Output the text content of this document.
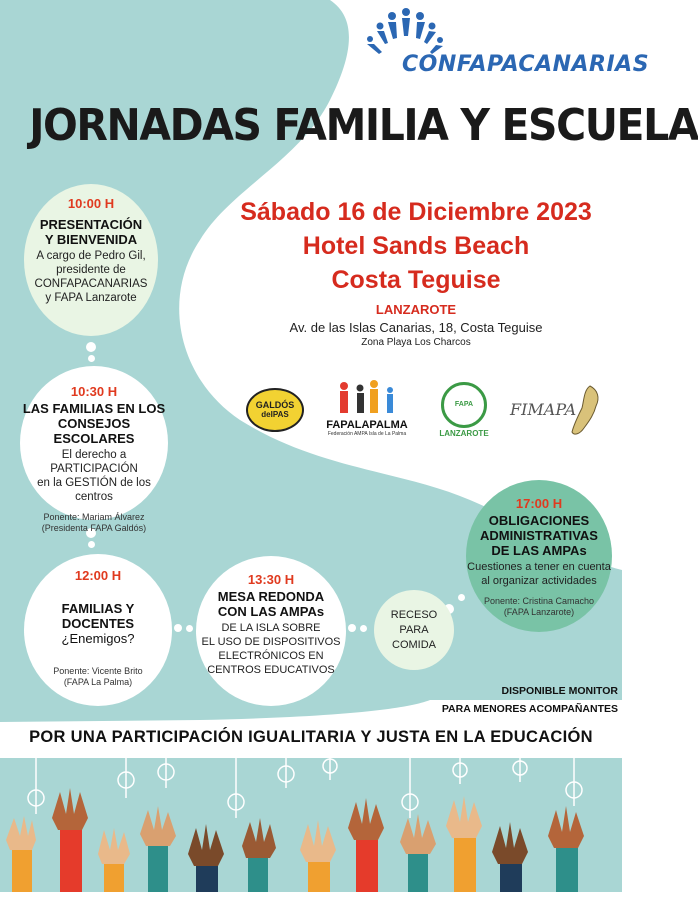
CONFAPACANARIAS
JORNADAS FAMILIA Y ESCUELA
Sábado 16 de Diciembre 2023
Hotel Sands Beach
Costa Teguise
LANZAROTE
Av. de las Islas Canarias, 18, Costa Teguise
Zona Playa Los Charcos
GALDÓS
deIPAS
FAPALAPALMA
Federación AMPA Isla de La Palma
FAPA
LANZAROTE
FIMAPA
10:00 H
PRESENTACIÓN
Y BIENVENIDA
A cargo de Pedro Gil,
presidente de
CONFAPACANARIAS
y FAPA Lanzarote
10:30 H
LAS FAMILIAS EN LOS
CONSEJOS ESCOLARES
El derecho a PARTICIPACIÓN
en la GESTIÓN de los centros
Ponente: Mariam Álvarez
(Presidenta FAPA Galdós)
12:00 H
FAMILIAS Y DOCENTES
¿Enemigos?
Ponente: Vicente Brito
(FAPA La Palma)
13:30 H
MESA REDONDA
CON LAS AMPAs
DE LA ISLA SOBRE
EL USO DE DISPOSITIVOS
ELECTRÓNICOS EN
CENTROS EDUCATIVOS
RECESO
PARA
COMIDA
17:00 H
OBLIGACIONES
ADMINISTRATIVAS
DE LAS AMPAs
Cuestiones a tener en cuenta
al organizar actividades
Ponente: Cristina Camacho
(FAPA Lanzarote)
DISPONIBLE MONITOR
PARA MENORES ACOMPAÑANTES
POR UNA PARTICIPACIÓN IGUALITARIA Y JUSTA EN LA EDUCACIÓN
